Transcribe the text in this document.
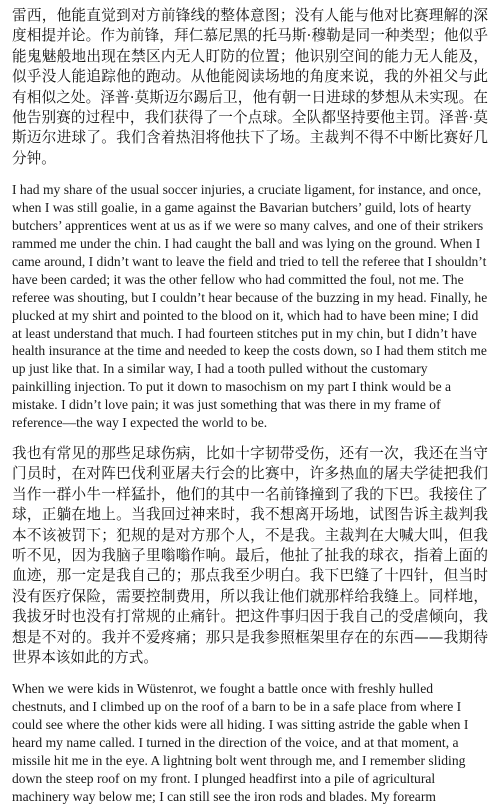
雷西，他能直觉到对方前锋线的整体意图；没有人能与他对比赛理解的深度相提并论。作为前锋，拜仁慕尼黑的托马斯·穆勒是同一种类型；他似乎能鬼魅般地出现在禁区内无人盯防的位置；他识别空间的能力无人能及，似乎没人能追踪他的跑动。从他能阅读场地的角度来说，我的外祖父与此有相似之处。泽普·莫斯迈尔踢后卫，他有朝一日进球的梦想从未实现。在他告别赛的过程中，我们获得了一个点球。全队都坚持要他主罚。泽普·莫斯迈尔进球了。我们含着热泪将他扶下了场。主裁判不得不中断比赛好几分钟。

I had my share of the usual soccer injuries, a cruciate ligament, for instance, and once, when I was still goalie, in a game against the Bavarian butchers’ guild, lots of hearty butchers’ apprentices went at us as if we were so many calves, and one of their strikers rammed me under the chin. I had caught the ball and was lying on the ground. When I came around, I didn’t want to leave the field and tried to tell the referee that I shouldn’t have been carded; it was the other fellow who had committed the foul, not me. The referee was shouting, but I couldn’t hear because of the buzzing in my head. Finally, he plucked at my shirt and pointed to the blood on it, which had to have been mine; I did at least understand that much. I had fourteen stitches put in my chin, but I didn’t have health insurance at the time and needed to keep the costs down, so I had them stitch me up just like that. In a similar way, I had a tooth pulled without the customary painkilling injection. To put it down to masochism on my part I think would be a mistake. I didn’t love pain; it was just something that was there in my frame of reference—the way I expected the world to be.

我也有常见的那些足球伤病，比如十字韧带受伤，还有一次，我还在当守门员时，在对阵巴伐利亚屠夫行会的比赛中，许多热血的屠夫学徒把我们当作一群小牛一样猛扑，他们的其中一名前锋撞到了我的下巴。我接住了球，正躺在地上。当我回过神来时，我不想离开场地，试图告诉主裁判我本不该被罚下；犯规的是对方那个人，不是我。主裁判在大喊大叫，但我听不见，因为我脑子里嗡嗡作响。最后，他扯了扯我的球衣，指着上面的血迹，那一定是我自己的；那点我至少明白。我下巴缝了十四针，但当时没有医疗保险，需要控制费用，所以我让他们就那样给我缝上。同样地，我拔牙时也没有打常规的止痛针。把这件事归因于我自己的受虐倾向，我想是不对的。我并不爱疼痛；那只是我参照框架里存在的东西——我期待世界本该如此的方式。

When we were kids in Wüstenrot, we fought a battle once with freshly hulled chestnuts, and I climbed up on the roof of a barn to be in a safe place from where I could see where the other kids were all hiding. I was sitting astride the gable when I heard my name called. I turned in the direction of the voice, and at that moment, a missile hit me in the eye. A lightning bolt went through me, and I remember sliding down the steep roof on my front. I plunged headfirst into a pile of agricultural machinery way below me; I can still see the iron rods and blades. My forearm
